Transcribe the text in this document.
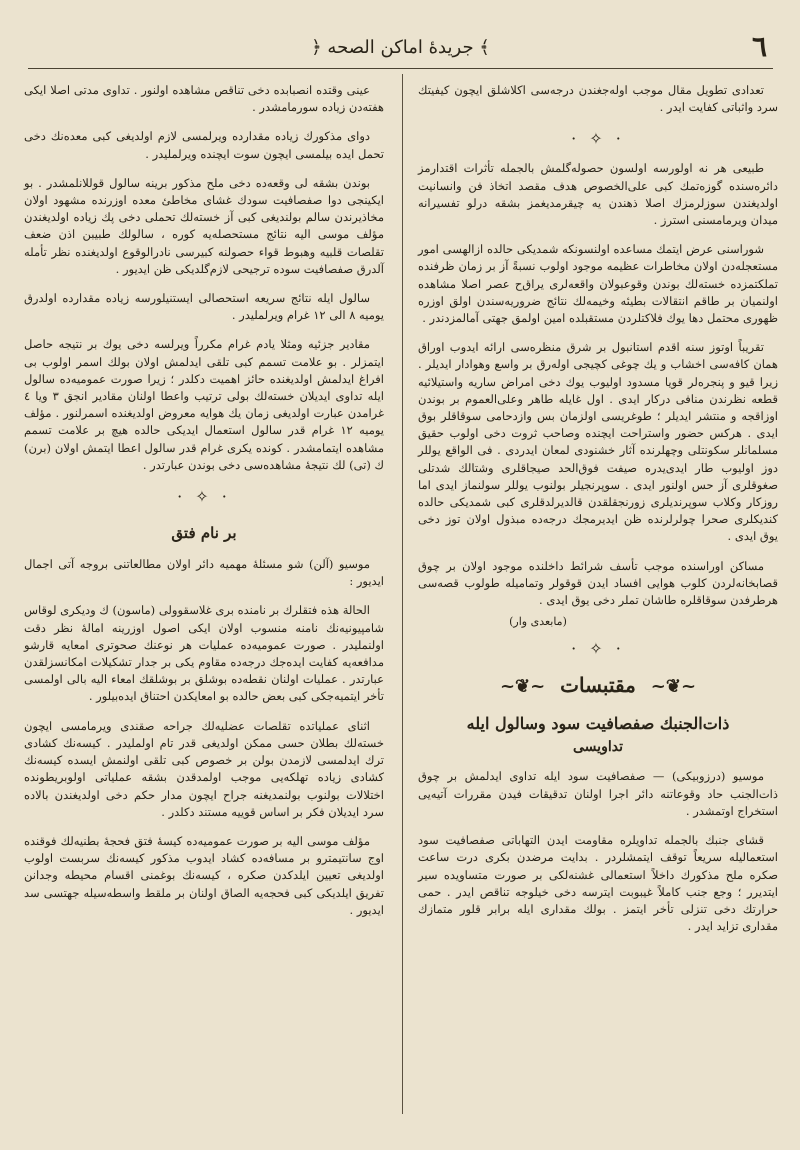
٦
﴿ جريدهٔ اماكن الصحه ﴾

تعدادی تطویل مقال موجب اوله‌جغندن درجه‌سی اكلاشلق ایچون كیفیتك سرد واثباتی كفایت ایدر .

· ✧ ·

طبیعی هر نه اولورسه اولسون حصوله‌گلمش بالجمله تأثرات اقتدارمز دائره‌سنده گوزه‌تمك كبی علی‌الخصوص هدف مقصد اتخاذ فن وانسانیت اولدیغندن سوزلرمزك اصلا ذهندن یه چیقرمدیغمز بشقه درلو تفسیرانه میدان ویرمامسنی استرز .

شوراسنی عرض ایتمك مساعده اولنسونكه شمدیكی حالده ازالهسی امور مستعجله‌دن اولان مخاطرات عظیمه موجود اولوب نسبةً آز بر زمان ظرفنده تملكتمزده خسته‌لك بوندن وقوعبولان واقعه‌لری یراق‌ح عصر اصلا مشاهده اولنمیان بر طاقم انتقالات بطیئه وخیمه‌لك نتائج ضروریه‌سندن اولق اوزره ظهوری محتمل دها یوك فلاكتلردن مستقبلده امین اولمق جهتی آمالمزدندر .

تقریباً اوتوز سنه اقدم استانبول بر شرق منظره‌سی ارائه ایدوب اوراق همان كافه‌سی اخشاب و یك چوغی كچیجی اوله‌رق بر واسع وهوادار ایدیلر . زیرا قیو و پنجره‌لر قویا مسدود اولیوب یوك دخی امراض ساریه واستیلائیه قطعه نظرندن منافی دركار ایدی . اول غایله طاهر وعلی‌العموم بر بوندن اوزاقجه و منتشر ایدیلر ؛ طوغریسی اولزمان بس وازدحامی سوقاقلر بوق ایدی . هركس حضور واستراحت ایچنده وصاحب ثروت دخی اولوب حقیق مسلمانلر سكونتلی وچهلرنده آثار خشنودی لمعان ایدردی . فی الواقع یوللر دوز اولیوب طار ایدی‌یدره صیفت فوق‌الحد صیجاقلری وشتالك شدتلی صغوقلری آز حس اولنور ایدی . سوپرنجیلر بولنوب یوللر سولنماز ایدی اما روزكار وكلاب سوپرندیلری زورنجقلقدن قالدیرلدقلری كبی شمدیكی حالده كندیكلری صحرا چولرلرنده ظن ایدیرمجك درجه‌ده مبذول اولان توز دخی یوق ایدی .

مساكن اوراسنده موجب تأسف شرائط داخلنده موجود اولان بر چوق قصابخانه‌لردن كلوب هوایی افساد ایدن قوقولر وتمامیله طولوب قصه‌سی هرطرفدن سوقاقلره طاشان تملر دخی یوق ایدی .

(مابعدی وار)
· ✧ ·
~❦~ مقتبسات ~❦~
ذات‌الجنبك صفصافیت سود وسالول ایله
تداویسی

موسیو (درزوبیكی) — صفصافیت سود ایله تداوی ایدلمش بر چوق ذات‌الجنب حاد وقوعاتنه دائر اجرا اولنان تدقیقات فیدن مقررات آتیه‌یی استخراج اوتمشدر .

قشای جنبك بالجمله تداویلره مقاومت ایدن التهاباتی صفصافیت سود استعمالیله سریعاً توقف ایتمشلردر . بدایت مرضدن بكری درت ساعت صكره ملح مذكورك داخلاً استعمالی غشنه‌لكی بر صورت متساویده سیر ایتدیرر ؛ وجع جنب كاملاً غیبوبت ایترسه دخی خیلوجه تناقص ایدر . حمی حرارتك دخی تنزلی تأخر ایتمز . بولك مقداری ایله برابر قلور متمازك مقداری تزاید ایدر .

عینی وقتده انصبابده دخی تناقص مشاهده اولنور . تداوی مدتی اصلا ایكی هفته‌دن زیاده سورمامشدر .

دوای مذكورك زیاده مقدارده ویرلمسی لازم اولدیغی كبی معده‌نك دخی تحمل ایده بیلمسی ایچون سوت ایچنده ویرلملیدر .

بوندن بشقه لی وقعه‌ده دخی ملح مذكور برینه سالول قوللانلمشدر . بو ایكینجی دوا صفصافیت سودك غشای مخاطئ معده اوزرنده مشهود اولان مخاذیرندن سالم بولندیغی كبی آز خسته‌لك تحملی دخی پك زیاده اولدیغندن مؤلف موسی الیه نتائج مستحصله‌یه كوره ، سالولك طبیبن اذن ضعف تقلصات قلبیه وهبوط قواء حصولنه كبیرسی نادرالوقوع اولدیغنده نظر تأمله آلدرق صفصافیت سوده ترجیحی لازم‌گلدیكی ظن ایدیور .

سالول ایله نتائج سریعه استحصالی ایستنیلورسه زیاده مقدارده اولدرق یومیه ٨ الی ١٢ غرام ویرلملیدر .

مقادیر جزئیه ومثلا یادم غرام مكرراً ویرلسه دخی یوك بر نتیجه حاصل ایتمزلر . بو علامت تسمم كبی تلقی ایدلمش اولان بولك اسمر اولوب بی افراغ ایدلمش اولدیغنده حائز اهمیت دكلدر ؛ زیرا صورت عمومیه‌ده سالول ایله تداوی ایدیلان خسته‌لك بولی ترتیب واعطا اولنان مقادیر انجق ٣ ویا ٤ غرامدن عبارت اولدیغی زمان یك هوایه معروض اولدیغنده اسمرلنور . مؤلف یومیه ١٢ غرام قدر سالول استعمال ایدیكی حالده هیچ بر علامت تسمم مشاهده ایتمامشدر . كونده یكری غرام قدر سالول اعطا ایتمش اولان (برن) ك (تی) لك نتیجهٔ مشاهده‌سی دخی بوندن عبارتدر .

· ✧ ·
بر نام فتق

موسیو (آلن) شو مسئلهٔ مهمیه دائر اولان مطالعاتنی بروجه آتی اجمال ایدیور :

الحالة هذه فتقلرك بر نامنده بری غلاسقوولی (ماسون) ك ودیكری لوقاس شامپیونیه‌نك نامنه منسوب اولان ایكی اصول اوزرینه امالهٔ نظر دقت اولنملیدر . صورت عمومیه‌ده عملیات هر نوعنك صحوتری امعایه قارشو مدافعه‌یه كفایت ایده‌جك درجه‌ده مقاوم یكی بر جدار تشكیلات امكانسزلقدن عبارتدر . عملیات اولنان نقطه‌ده بوشلق بر بوشلقك امعاء الیه بالی اولمسی تأخر ایتمیه‌جكی كبی بعض حالده بو امعایكدن احتناق ایده‌بیلور .

اثنای عملیاتده تقلصات عضلیه‌لك جراحه صقندی ویرمامسی ایچون خسته‌لك بطلان حسی ممكن اولدیغی قدر تام اولملیدر . كیسه‌نك كشادی ترك ایدلمسی لازمدن بولن بر خصوص كبی تلقی اولنمش ایسده كیسه‌نك كشادی زیاده تهلكه‌یی موجب اولمدقدن بشقه عملیاتی اولوبریطونده اختلالات بولنوب بولنمدیغنه جراح ایچون مدار حكم دخی اولدیغندن بالاده سرد ایدیلان فكر بر اساس قوییه مستند دكلدر .

مؤلف موسی الیه بر صورت عمومیه‌ده كیسهٔ فتق فحجهٔ بطنیه‌لك فوقنده اوج سانتیمترو بر مسافه‌ده كشاد ایدوب مذكور كیسه‌نك سربست اولوب اولدیغی تعیین ایلدكدن صكره ، كیسه‌نك بوغمنی اقسام محیطه وجدانن تفریق ایلدیكی كبی فحجه‌یه الصاق اولنان بر ملقط واسطه‌سیله جهتسی سد ایدیور .
